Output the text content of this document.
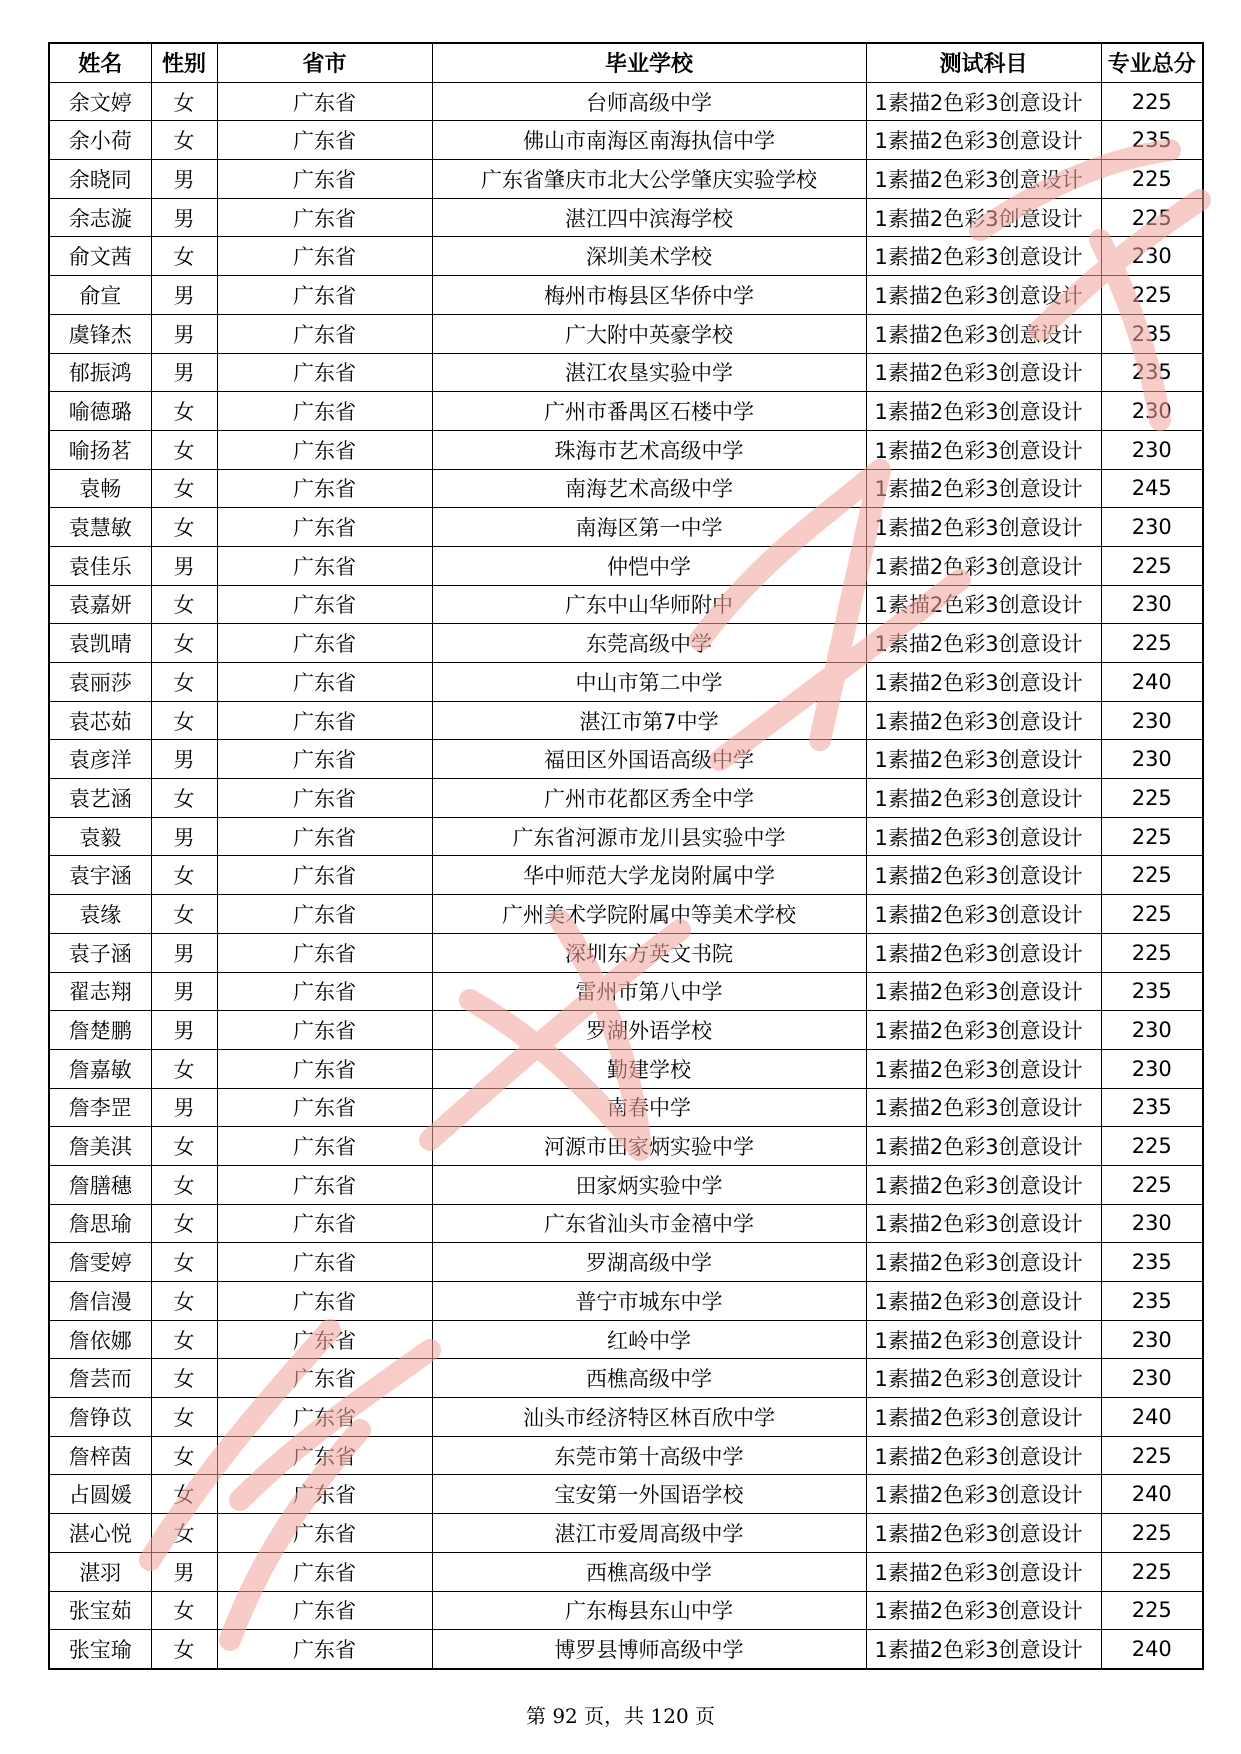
姓名	性别	省市	毕业学校	测试科目	专业总分
余文婷	女	广东省	台师高级中学	1素描2色彩3创意设计	225
余小荷	女	广东省	佛山市南海区南海执信中学	1素描2色彩3创意设计	235
余晓同	男	广东省	广东省肇庆市北大公学肇庆实验学校	1素描2色彩3创意设计	225
余志漩	男	广东省	湛江四中滨海学校	1素描2色彩3创意设计	225
俞文茜	女	广东省	深圳美术学校	1素描2色彩3创意设计	230
俞宣	男	广东省	梅州市梅县区华侨中学	1素描2色彩3创意设计	225
虞锋杰	男	广东省	广大附中英豪学校	1素描2色彩3创意设计	235
郁振鸿	男	广东省	湛江农垦实验中学	1素描2色彩3创意设计	235
喻德璐	女	广东省	广州市番禺区石楼中学	1素描2色彩3创意设计	230
喻扬茗	女	广东省	珠海市艺术高级中学	1素描2色彩3创意设计	230
袁畅	女	广东省	南海艺术高级中学	1素描2色彩3创意设计	245
袁慧敏	女	广东省	南海区第一中学	1素描2色彩3创意设计	230
袁佳乐	男	广东省	仲恺中学	1素描2色彩3创意设计	225
袁嘉妍	女	广东省	广东中山华师附中	1素描2色彩3创意设计	230
袁凯晴	女	广东省	东莞高级中学	1素描2色彩3创意设计	225
袁丽莎	女	广东省	中山市第二中学	1素描2色彩3创意设计	240
袁芯茹	女	广东省	湛江市第7中学	1素描2色彩3创意设计	230
袁彦洋	男	广东省	福田区外国语高级中学	1素描2色彩3创意设计	230
袁艺涵	女	广东省	广州市花都区秀全中学	1素描2色彩3创意设计	225
袁毅	男	广东省	广东省河源市龙川县实验中学	1素描2色彩3创意设计	225
袁宇涵	女	广东省	华中师范大学龙岗附属中学	1素描2色彩3创意设计	225
袁缘	女	广东省	广州美术学院附属中等美术学校	1素描2色彩3创意设计	225
袁子涵	男	广东省	深圳东方英文书院	1素描2色彩3创意设计	225
翟志翔	男	广东省	雷州市第八中学	1素描2色彩3创意设计	235
詹楚鹏	男	广东省	罗湖外语学校	1素描2色彩3创意设计	230
詹嘉敏	女	广东省	勤建学校	1素描2色彩3创意设计	230
詹李罡	男	广东省	南春中学	1素描2色彩3创意设计	235
詹美淇	女	广东省	河源市田家炳实验中学	1素描2色彩3创意设计	225
詹膳穗	女	广东省	田家炳实验中学	1素描2色彩3创意设计	225
詹思瑜	女	广东省	广东省汕头市金禧中学	1素描2色彩3创意设计	230
詹雯婷	女	广东省	罗湖高级中学	1素描2色彩3创意设计	235
詹信漫	女	广东省	普宁市城东中学	1素描2色彩3创意设计	235
詹依娜	女	广东省	红岭中学	1素描2色彩3创意设计	230
詹芸而	女	广东省	西樵高级中学	1素描2色彩3创意设计	230
詹铮苡	女	广东省	汕头市经济特区林百欣中学	1素描2色彩3创意设计	240
詹梓茵	女	广东省	东莞市第十高级中学	1素描2色彩3创意设计	225
占圆媛	女	广东省	宝安第一外国语学校	1素描2色彩3创意设计	240
湛心悦	女	广东省	湛江市爱周高级中学	1素描2色彩3创意设计	225
湛羽	男	广东省	西樵高级中学	1素描2色彩3创意设计	225
张宝茹	女	广东省	广东梅县东山中学	1素描2色彩3创意设计	225
张宝瑜	女	广东省	博罗县博师高级中学	1素描2色彩3创意设计	240
第 92 页，共 120 页
